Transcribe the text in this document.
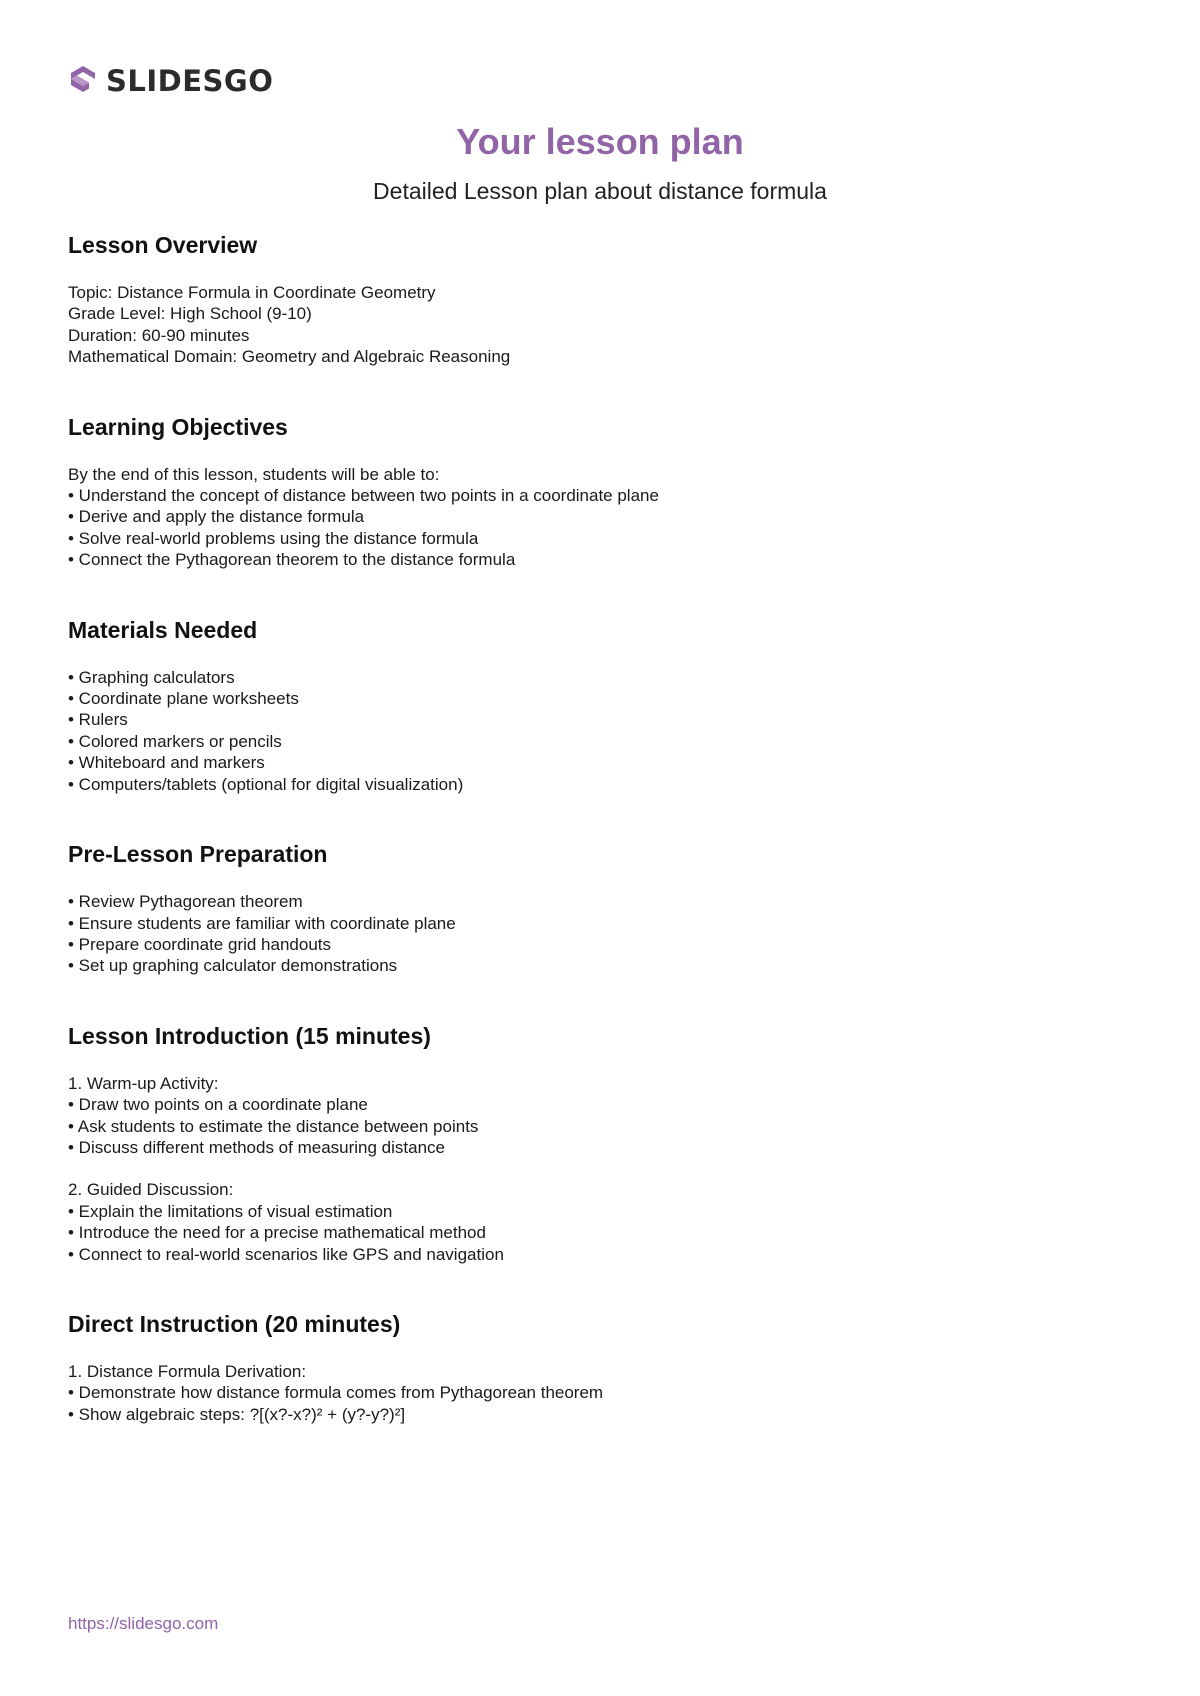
SLIDESGO
Your lesson plan
Detailed Lesson plan about distance formula
Lesson Overview
Topic: Distance Formula in Coordinate Geometry
Grade Level: High School (9-10)
Duration: 60-90 minutes
Mathematical Domain: Geometry and Algebraic Reasoning
Learning Objectives
By the end of this lesson, students will be able to:
• Understand the concept of distance between two points in a coordinate plane
• Derive and apply the distance formula
• Solve real-world problems using the distance formula
• Connect the Pythagorean theorem to the distance formula
Materials Needed
• Graphing calculators
• Coordinate plane worksheets
• Rulers
• Colored markers or pencils
• Whiteboard and markers
• Computers/tablets (optional for digital visualization)
Pre-Lesson Preparation
• Review Pythagorean theorem
• Ensure students are familiar with coordinate plane
• Prepare coordinate grid handouts
• Set up graphing calculator demonstrations
Lesson Introduction (15 minutes)
1. Warm-up Activity:
• Draw two points on a coordinate plane
• Ask students to estimate the distance between points
• Discuss different methods of measuring distance
2. Guided Discussion:
• Explain the limitations of visual estimation
• Introduce the need for a precise mathematical method
• Connect to real-world scenarios like GPS and navigation
Direct Instruction (20 minutes)
1. Distance Formula Derivation:
• Demonstrate how distance formula comes from Pythagorean theorem
• Show algebraic steps: ?[(x?-x?)² + (y?-y?)²]
https://slidesgo.com
